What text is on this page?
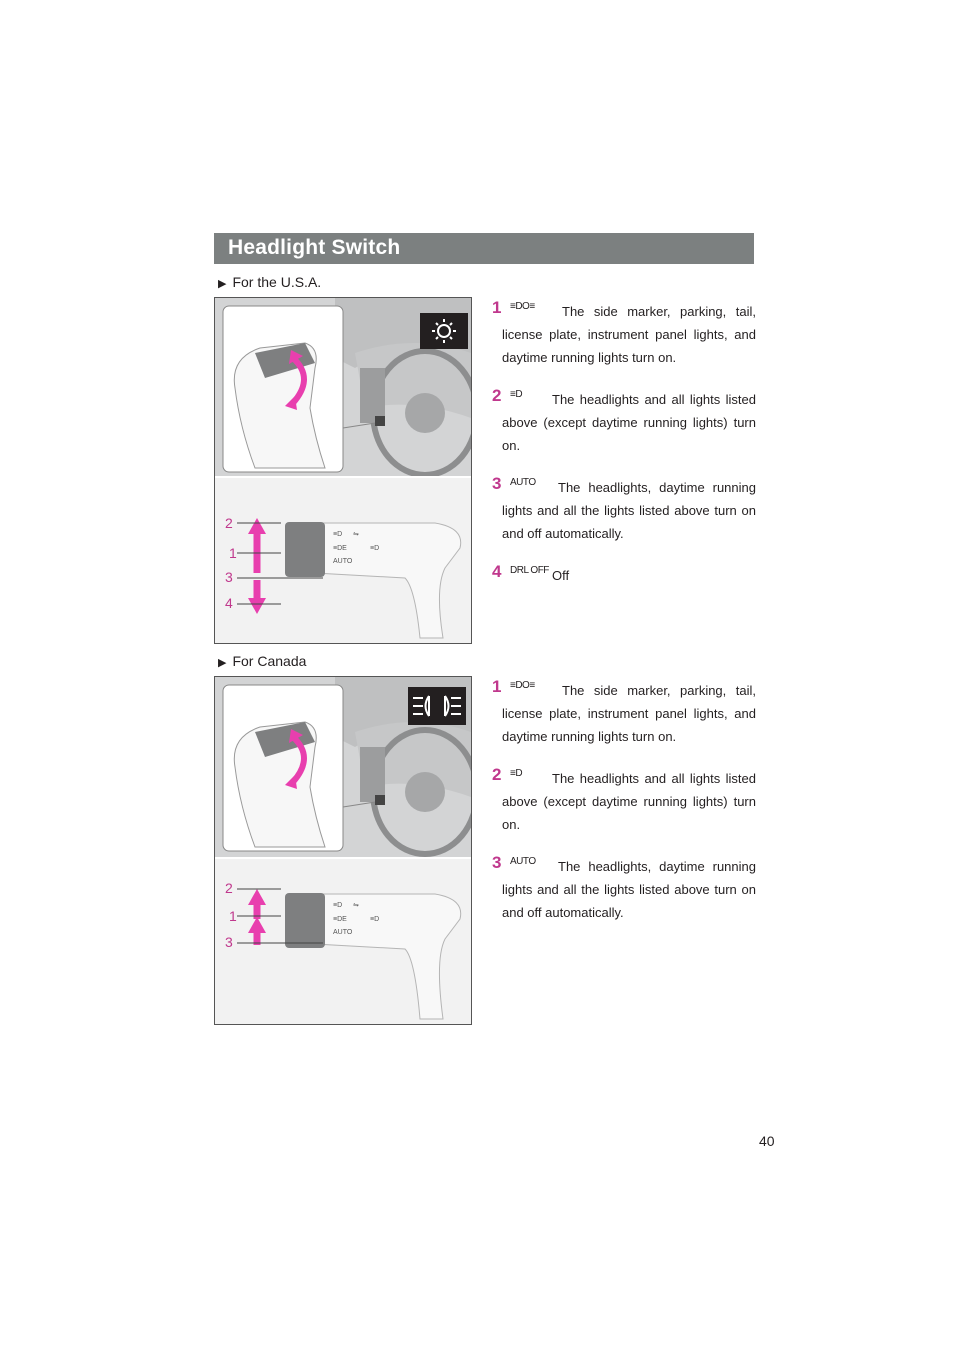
Headlight Switch
▶ For the U.S.A.
≡D ⇋
≡DE	≡D
AUTO
2
1
3
4
1 ≡DO≡	The side marker, parking, tail, license plate, instrument panel lights, and daytime running lights turn on.

2 ≡D	The headlights and all lights listed above (except daytime running lights) turn on.

3 AUTO	The headlights, daytime running lights and all the lights listed above turn on and off automatically.

4 DRL OFF Off

▶ For Canada
≡D ⇋
≡DE	≡D
AUTO
2
1
3
1 ≡DO≡	The side marker, parking, tail, license plate, instrument panel lights, and daytime running lights turn on.

2 ≡D	The headlights and all lights listed above (except daytime running lights) turn on.

3 AUTO	The headlights, daytime running lights and all the lights listed above turn on and off automatically.

40
